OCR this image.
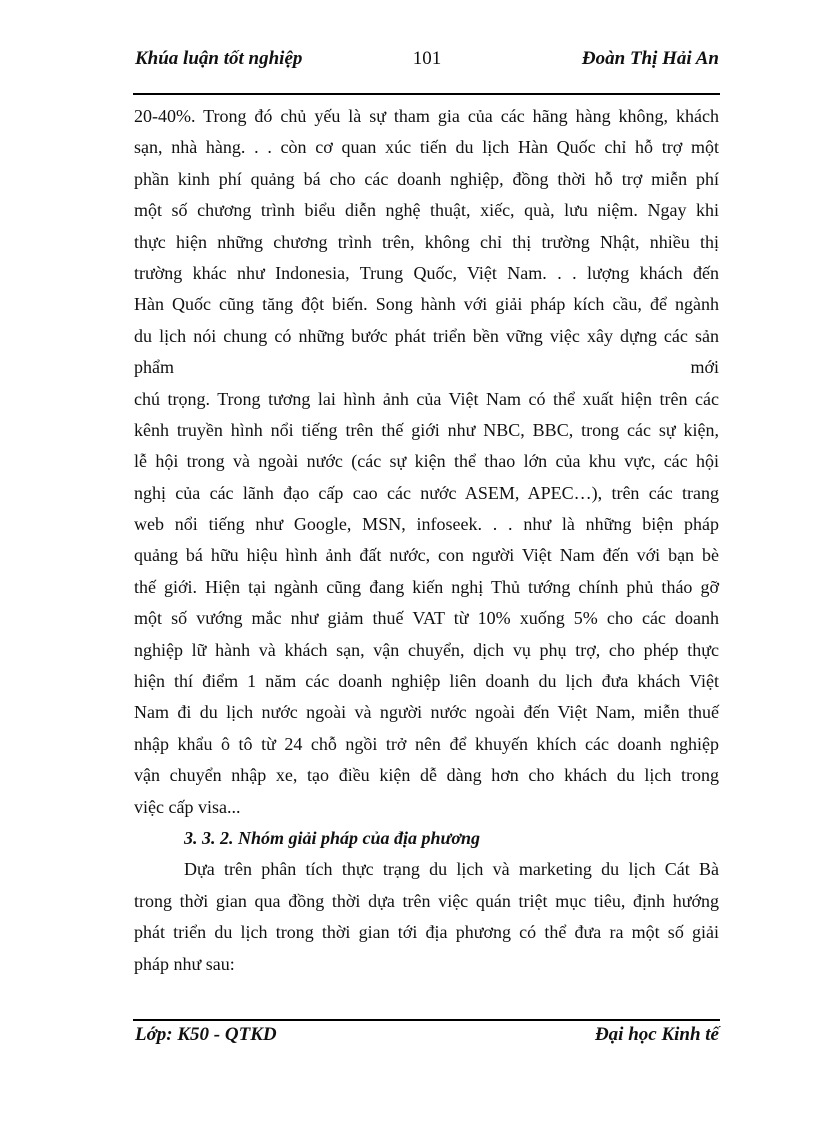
Khúa luận tốt nghiệp	101	Đoàn Thị Hải An
20-40%. Trong đó chủ yếu là sự tham gia của các hãng hàng không, khách
sạn, nhà hàng. . . còn cơ quan xúc tiến du lịch Hàn Quốc chỉ hỗ trợ một
phần kinh phí quảng bá cho các doanh nghiệp, đồng thời hỗ trợ miễn phí
một số chương trình biểu diễn nghệ thuật, xiếc, quà, lưu niệm. Ngay khi
thực hiện những chương trình trên, không chỉ thị trường Nhật, nhiều thị
trường khác như Indonesia, Trung Quốc, Việt Nam. . . lượng khách đến
Hàn Quốc cũng tăng đột biến. Song hành với giải pháp kích cầu, để ngành
du lịch nói chung có những bước phát triển bền vững việc xây dựng các sản
phẩm mới
chú trọng. Trong tương lai hình ảnh của Việt Nam có thể xuất hiện trên các
kênh truyền hình nổi tiếng trên thế giới như NBC, BBC, trong các sự kiện,
lễ hội trong và ngoài nước (các sự kiện thể thao lớn của khu vực, các hội
nghị của các lãnh đạo cấp cao các nước ASEM, APEC…), trên các trang
web nổi tiếng như Google, MSN, infoseek. . . như là những biện pháp
quảng bá hữu hiệu hình ảnh đất nước, con người Việt Nam đến với bạn bè
thế giới. Hiện tại ngành cũng đang kiến nghị Thủ tướng chính phủ tháo gỡ
một số vướng mắc như giảm thuế VAT từ 10% xuống 5% cho các doanh
nghiệp lữ hành và khách sạn, vận chuyển, dịch vụ phụ trợ, cho phép thực
hiện thí điểm 1 năm các doanh nghiệp liên doanh du lịch đưa khách Việt
Nam đi du lịch nước ngoài và người nước ngoài đến Việt Nam, miễn thuế
nhập khẩu ô tô từ 24 chỗ ngồi trở nên để khuyến khích các doanh nghiệp
vận chuyển nhập xe, tạo điều kiện dễ dàng hơn cho khách du lịch trong
việc cấp visa...
3. 3. 2. Nhóm giải pháp của địa phương
Dựa trên phân tích thực trạng du lịch và marketing du lịch Cát Bà
trong thời gian qua đồng thời dựa trên việc quán triệt mục tiêu, định hướng
phát triển du lịch trong thời gian tới địa phương có thể đưa ra một số giải
pháp như sau:
Lớp: K50 - QTKD	Đại học Kinh tế
